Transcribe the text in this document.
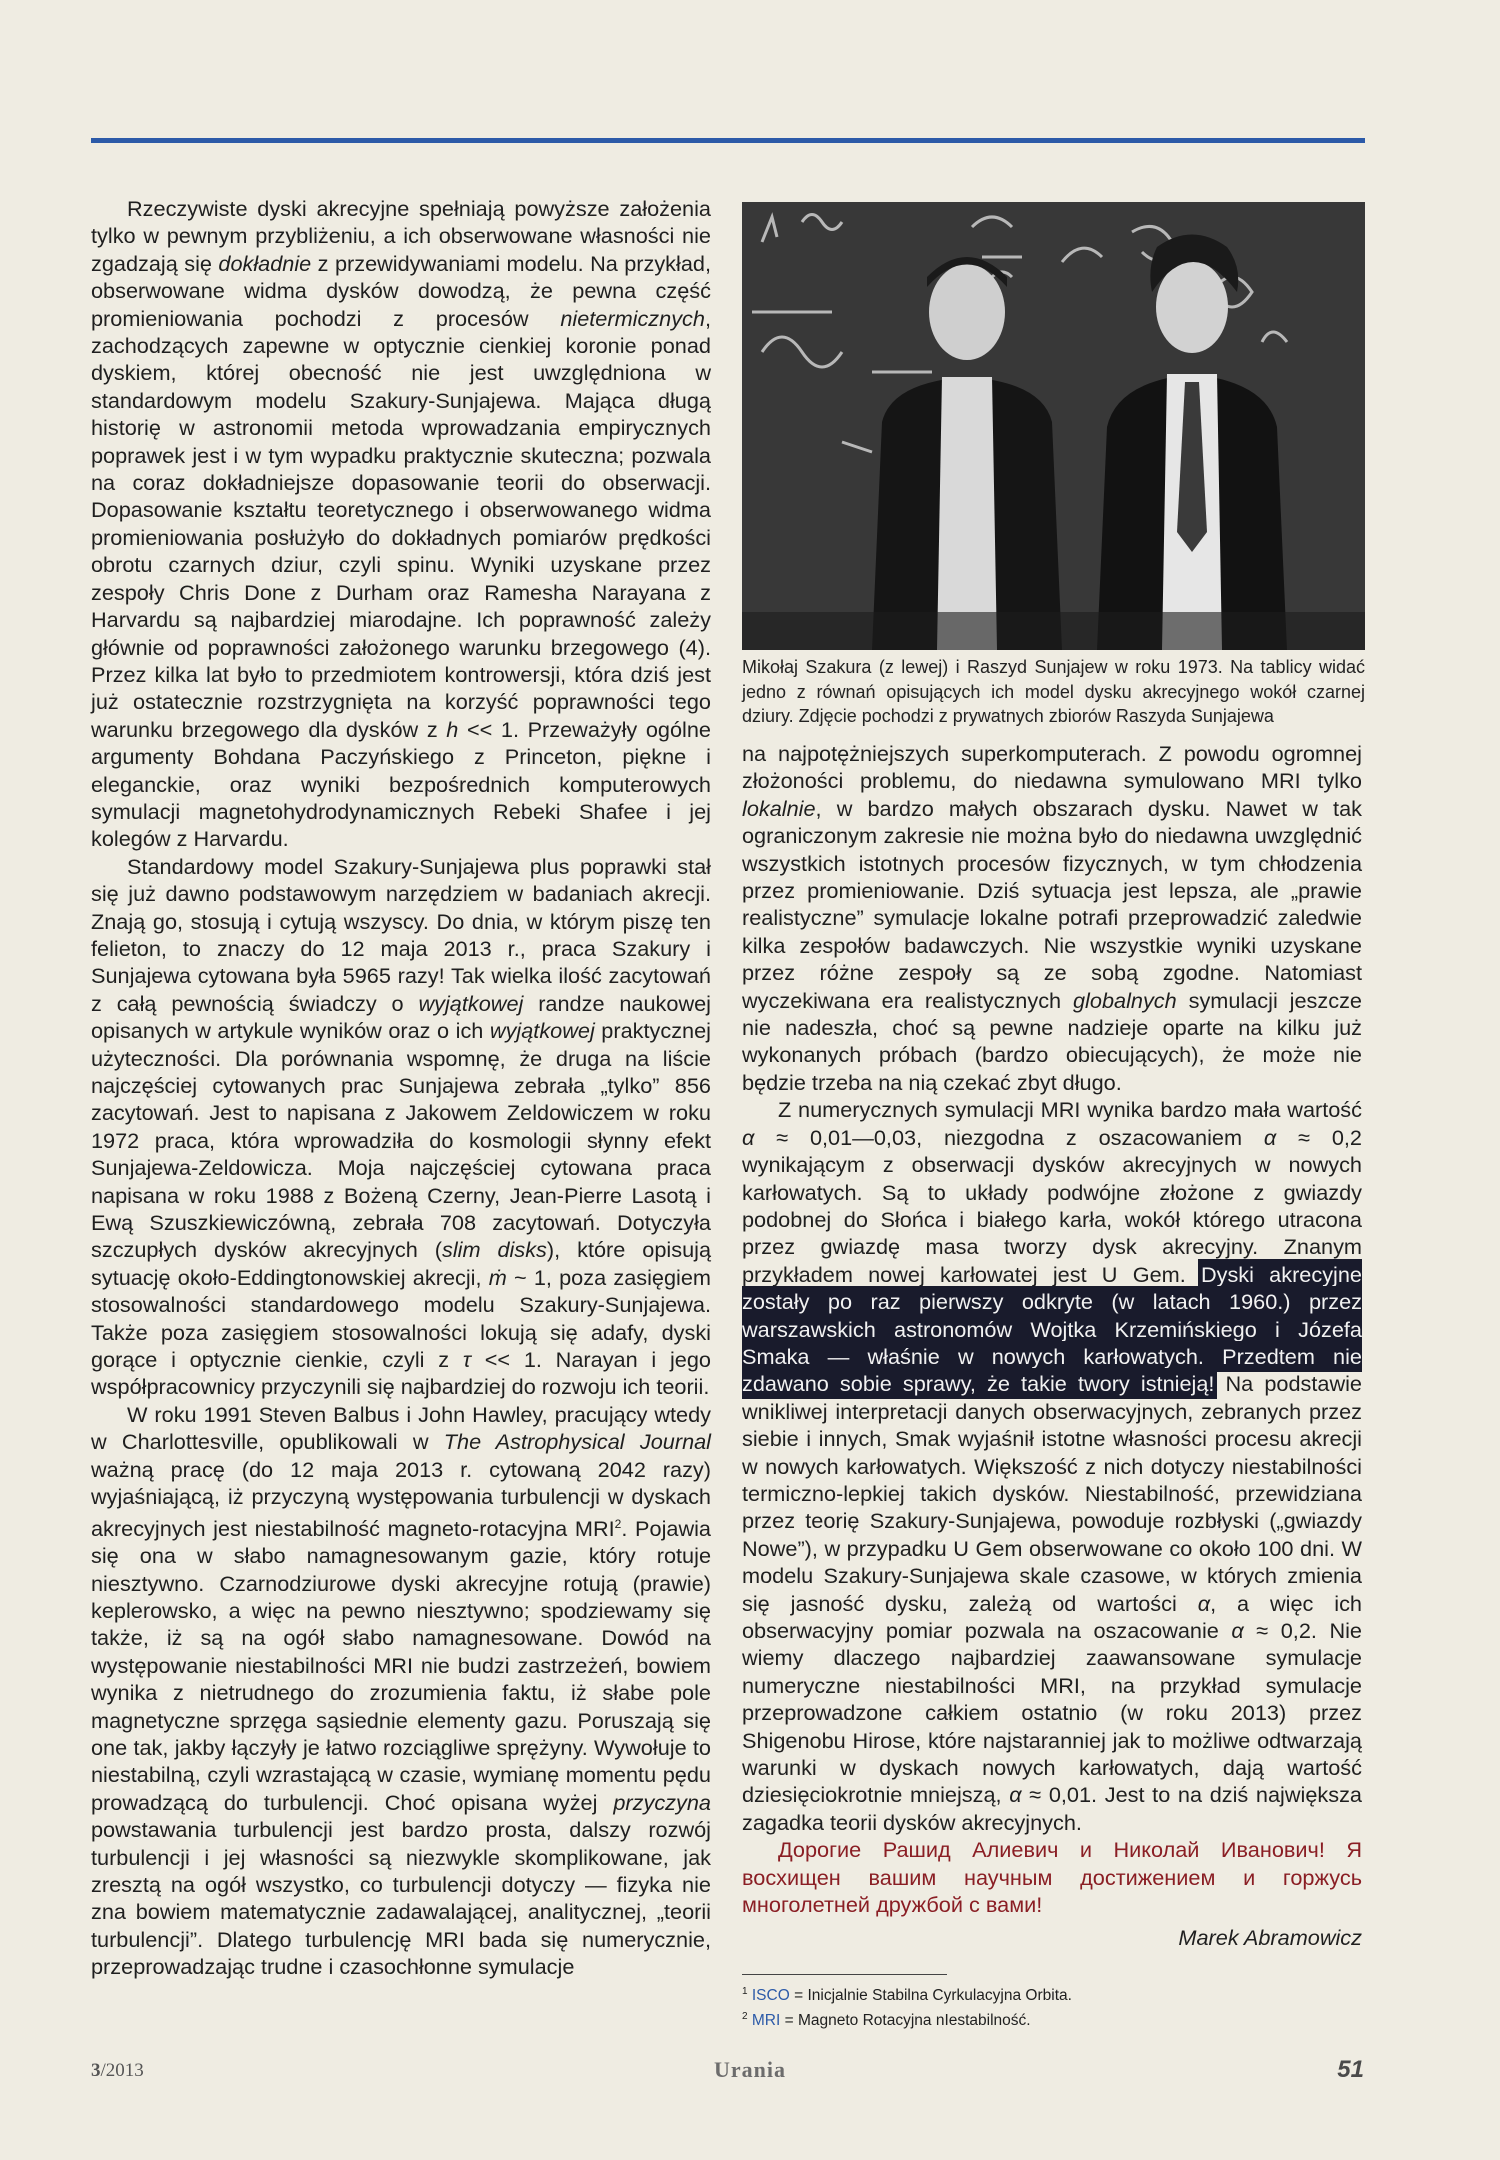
Rzeczywiste dyski akrecyjne spełniają powyższe założenia tylko w pewnym przybliżeniu, a ich obserwowane własności nie zgadzają się dokładnie z przewidywaniami modelu. Na przykład, obserwowane widma dysków dowodzą, że pewna część promieniowania pochodzi z procesów nietermicznych, zachodzących zapewne w optycznie cienkiej koronie ponad dyskiem, której obecność nie jest uwzględniona w standardowym modelu Szakury-Sunjajewa. Mająca długą historię w astronomii metoda wprowadzania empirycznych poprawek jest i w tym wypadku praktycznie skuteczna; pozwala na coraz dokładniejsze dopasowanie teorii do obserwacji. Dopasowanie kształtu teoretycznego i obserwowanego widma promieniowania posłużyło do dokładnych pomiarów prędkości obrotu czarnych dziur, czyli spinu. Wyniki uzyskane przez zespoły Chris Done z Durham oraz Ramesha Narayana z Harvardu są najbardziej miarodajne. Ich poprawność zależy głównie od poprawności założonego warunku brzegowego (4). Przez kilka lat było to przedmiotem kontrowersji, która dziś jest już ostatecznie rozstrzygnięta na korzyść poprawności tego warunku brzegowego dla dysków z h << 1. Przeważyły ogólne argumenty Bohdana Paczyńskiego z Princeton, piękne i eleganckie, oraz wyniki bezpośrednich komputerowych symulacji magnetohydrodynamicznych Rebeki Shafee i jej kolegów z Harvardu.

Standardowy model Szakury-Sunjajewa plus poprawki stał się już dawno podstawowym narzędziem w badaniach akrecji. Znają go, stosują i cytują wszyscy. Do dnia, w którym piszę ten felieton, to znaczy do 12 maja 2013 r., praca Szakury i Sunjajewa cytowana była 5965 razy! Tak wielka ilość zacytowań z całą pewnością świadczy o wyjątkowej randze naukowej opisanych w artykule wyników oraz o ich wyjątkowej praktycznej użyteczności. Dla porównania wspomnę, że druga na liście najczęściej cytowanych prac Sunjajewa zebrała „tylko” 856 zacytowań. Jest to napisana z Jakowem Zeldowiczem w roku 1972 praca, która wprowadziła do kosmologii słynny efekt Sunjajewa-Zeldowicza. Moja najczęściej cytowana praca napisana w roku 1988 z Bożeną Czerny, Jean-Pierre Lasotą i Ewą Szuszkiewiczówną, zebrała 708 zacytowań. Dotyczyła szczupłych dysków akrecyjnych (slim disks), które opisują sytuację około-Eddingtonowskiej akrecji, ṁ ~ 1, poza zasięgiem stosowalności standardowego modelu Szakury-Sunjajewa. Także poza zasięgiem stosowalności lokują się adafy, dyski gorące i optycznie cienkie, czyli z τ << 1. Narayan i jego współpracownicy przyczynili się najbardziej do rozwoju ich teorii.

W roku 1991 Steven Balbus i John Hawley, pracujący wtedy w Charlottesville, opublikowali w The Astrophysical Journal ważną pracę (do 12 maja 2013 r. cytowaną 2042 razy) wyjaśniającą, iż przyczyną występowania turbulencji w dyskach akrecyjnych jest niestabilność magneto-rotacyjna MRI$^2$. Pojawia się ona w słabo namagnesowanym gazie, który rotuje niesztywno. Czarnodziurowe dyski akrecyjne rotują (prawie) keplerowsko, a więc na pewno niesztywno; spodziewamy się także, iż są na ogół słabo namagnesowane. Dowód na występowanie niestabilności MRI nie budzi zastrzeżeń, bowiem wynika z nietrudnego do zrozumienia faktu, iż słabe pole magnetyczne sprzęga sąsiednie elementy gazu. Poruszają się one tak, jakby łączyły je łatwo rozciągliwe sprężyny. Wywołuje to niestabilną, czyli wzrastającą w czasie, wymianę momentu pędu prowadzącą do turbulencji. Choć opisana wyżej przyczyna powstawania turbulencji jest bardzo prosta, dalszy rozwój turbulencji i jej własności są niezwykle skomplikowane, jak zresztą na ogół wszystko, co turbulencji dotyczy — fizyka nie zna bowiem matematycznie zadawalającej, analitycznej, „teorii turbulencji”. Dlatego turbulencję MRI bada się numerycznie, przeprowadzając trudne i czasochłonne symulacje

Mikołaj Szakura (z lewej) i Raszyd Sunjajew w roku 1973. Na tablicy widać jedno z równań opisujących ich model dysku akrecyjnego wokół czarnej dziury. Zdjęcie pochodzi z prywatnych zbiorów Raszyda Sunjajewa

na najpotężniejszych superkomputerach. Z powodu ogromnej złożoności problemu, do niedawna symulowano MRI tylko lokalnie, w bardzo małych obszarach dysku. Nawet w tak ograniczonym zakresie nie można było do niedawna uwzględnić wszystkich istotnych procesów fizycznych, w tym chłodzenia przez promieniowanie. Dziś sytuacja jest lepsza, ale „prawie realistyczne” symulacje lokalne potrafi przeprowadzić zaledwie kilka zespołów badawczych. Nie wszystkie wyniki uzyskane przez różne zespoły są ze sobą zgodne. Natomiast wyczekiwana era realistycznych globalnych symulacji jeszcze nie nadeszła, choć są pewne nadzieje oparte na kilku już wykonanych próbach (bardzo obiecujących), że może nie będzie trzeba na nią czekać zbyt długo.

Z numerycznych symulacji MRI wynika bardzo mała wartość α ≈ 0,01—0,03, niezgodna z oszacowaniem α ≈ 0,2 wynikającym z obserwacji dysków akrecyjnych w nowych karłowatych. Są to układy podwójne złożone z gwiazdy podobnej do Słońca i białego karła, wokół którego utracona przez gwiazdę masa tworzy dysk akrecyjny. Znanym przykładem nowej karłowatej jest U Gem. Dyski akrecyjne zostały po raz pierwszy odkryte (w latach 1960.) przez warszawskich astronomów Wojtka Krzemińskiego i Józefa Smaka — właśnie w nowych karłowatych. Przedtem nie zdawano sobie sprawy, że takie twory istnieją! Na podstawie wnikliwej interpretacji danych obserwacyjnych, zebranych przez siebie i innych, Smak wyjaśnił istotne własności procesu akrecji w nowych karłowatych. Większość z nich dotyczy niestabilności termiczno-lepkiej takich dysków. Niestabilność, przewidziana przez teorię Szakury-Sunjajewa, powoduje rozbłyski („gwiazdy Nowe”), w przypadku U Gem obserwowane co około 100 dni. W modelu Szakury-Sunjajewa skale czasowe, w których zmienia się jasność dysku, zależą od wartości α, a więc ich obserwacyjny pomiar pozwala na oszacowanie α ≈ 0,2. Nie wiemy dlaczego najbardziej zaawansowane symulacje numeryczne niestabilności MRI, na przykład symulacje przeprowadzone całkiem ostatnio (w roku 2013) przez Shigenobu Hirose, które najstaranniej jak to możliwe odtwarzają warunki w dyskach nowych karłowatych, dają wartość dziesięciokrotnie mniejszą, α ≈ 0,01. Jest to na dziś największa zagadka teorii dysków akrecyjnych.

Дорогие Рашид Алиевич и Николай Иванович! Я восхищен вашим научным достижением и горжусь многолетней дружбой с вами!

Marek Abramowicz
$^1$ ISCO = Inicjalnie Stabilna Cyrkulacyjna Orbita.
$^2$ MRI = Magneto Rotacyjna nIestabilność.
3/2013	Urania	51
